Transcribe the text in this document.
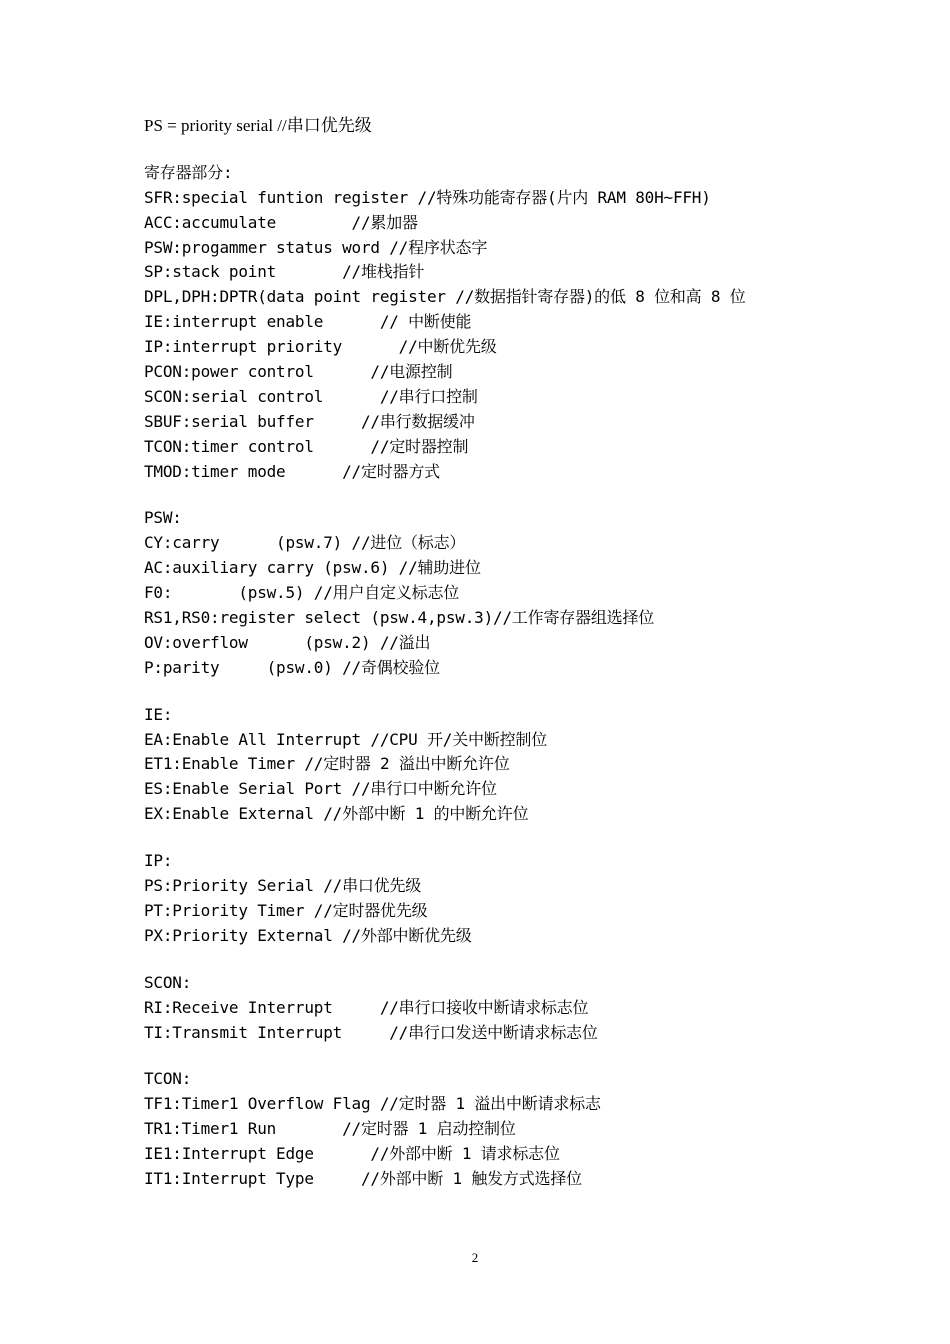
PS = priority serial //串口优先级
寄存器部分:
SFR:special funtion register //特殊功能寄存器(片内 RAM 80H~FFH)
ACC:accumulate        //累加器
PSW:progammer status word //程序状态字
SP:stack point       //堆栈指针
DPL,DPH:DPTR(data point register //数据指针寄存器)的低 8 位和高 8 位
IE:interrupt enable      // 中断使能
IP:interrupt priority      //中断优先级
PCON:power control      //电源控制
SCON:serial control      //串行口控制
SBUF:serial buffer     //串行数据缓冲
TCON:timer control      //定时器控制
TMOD:timer mode      //定时器方式
PSW:
CY:carry      (psw.7) //进位（标志）
AC:auxiliary carry (psw.6) //辅助进位
F0:       (psw.5) //用户自定义标志位
RS1,RS0:register select (psw.4,psw.3)//工作寄存器组选择位
OV:overflow      (psw.2) //溢出
P:parity     (psw.0) //奇偶校验位
IE:
EA:Enable All Interrupt //CPU 开/关中断控制位
ET1:Enable Timer //定时器 2 溢出中断允许位
ES:Enable Serial Port //串行口中断允许位
EX:Enable External //外部中断 1 的中断允许位
IP:
PS:Priority Serial //串口优先级
PT:Priority Timer //定时器优先级
PX:Priority External //外部中断优先级
SCON:
RI:Receive Interrupt     //串行口接收中断请求标志位
TI:Transmit Interrupt     //串行口发送中断请求标志位
TCON:
TF1:Timer1 Overflow Flag //定时器 1 溢出中断请求标志
TR1:Timer1 Run       //定时器 1 启动控制位
IE1:Interrupt Edge      //外部中断 1 请求标志位
IT1:Interrupt Type     //外部中断 1 触发方式选择位
2
